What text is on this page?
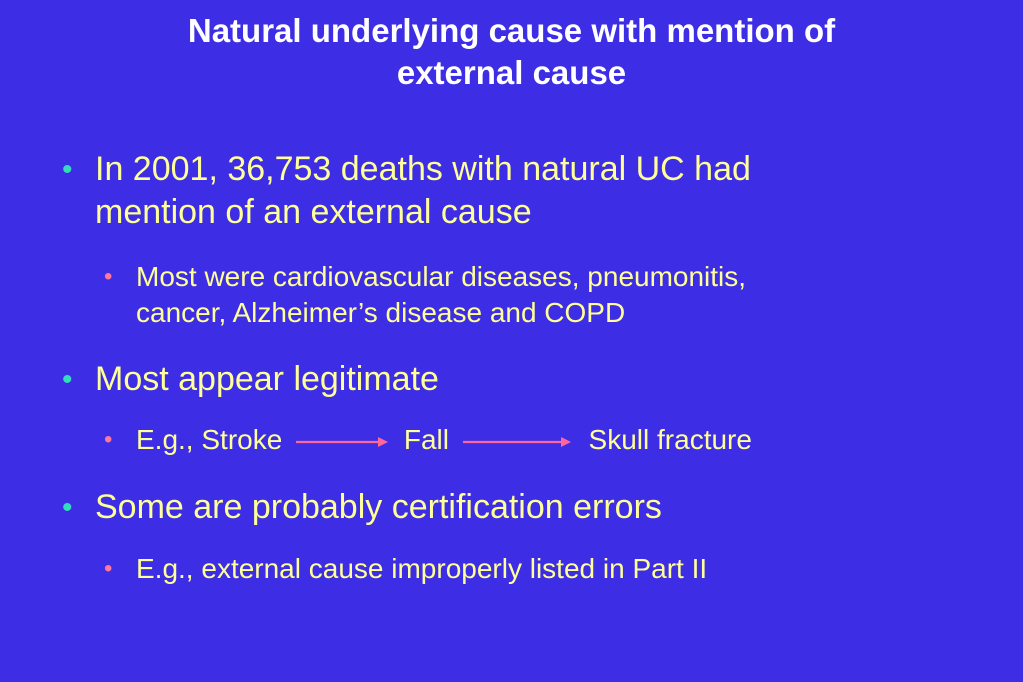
Natural underlying cause with mention of
external cause
• In 2001, 36,753 deaths with natural UC had
mention of an external cause
• Most were cardiovascular diseases, pneumonitis,
cancer, Alzheimer’s disease and COPD
• Most appear legitimate
• E.g., Stroke	Fall	Skull fracture
• Some are probably certification errors
• E.g., external cause improperly listed in Part II
